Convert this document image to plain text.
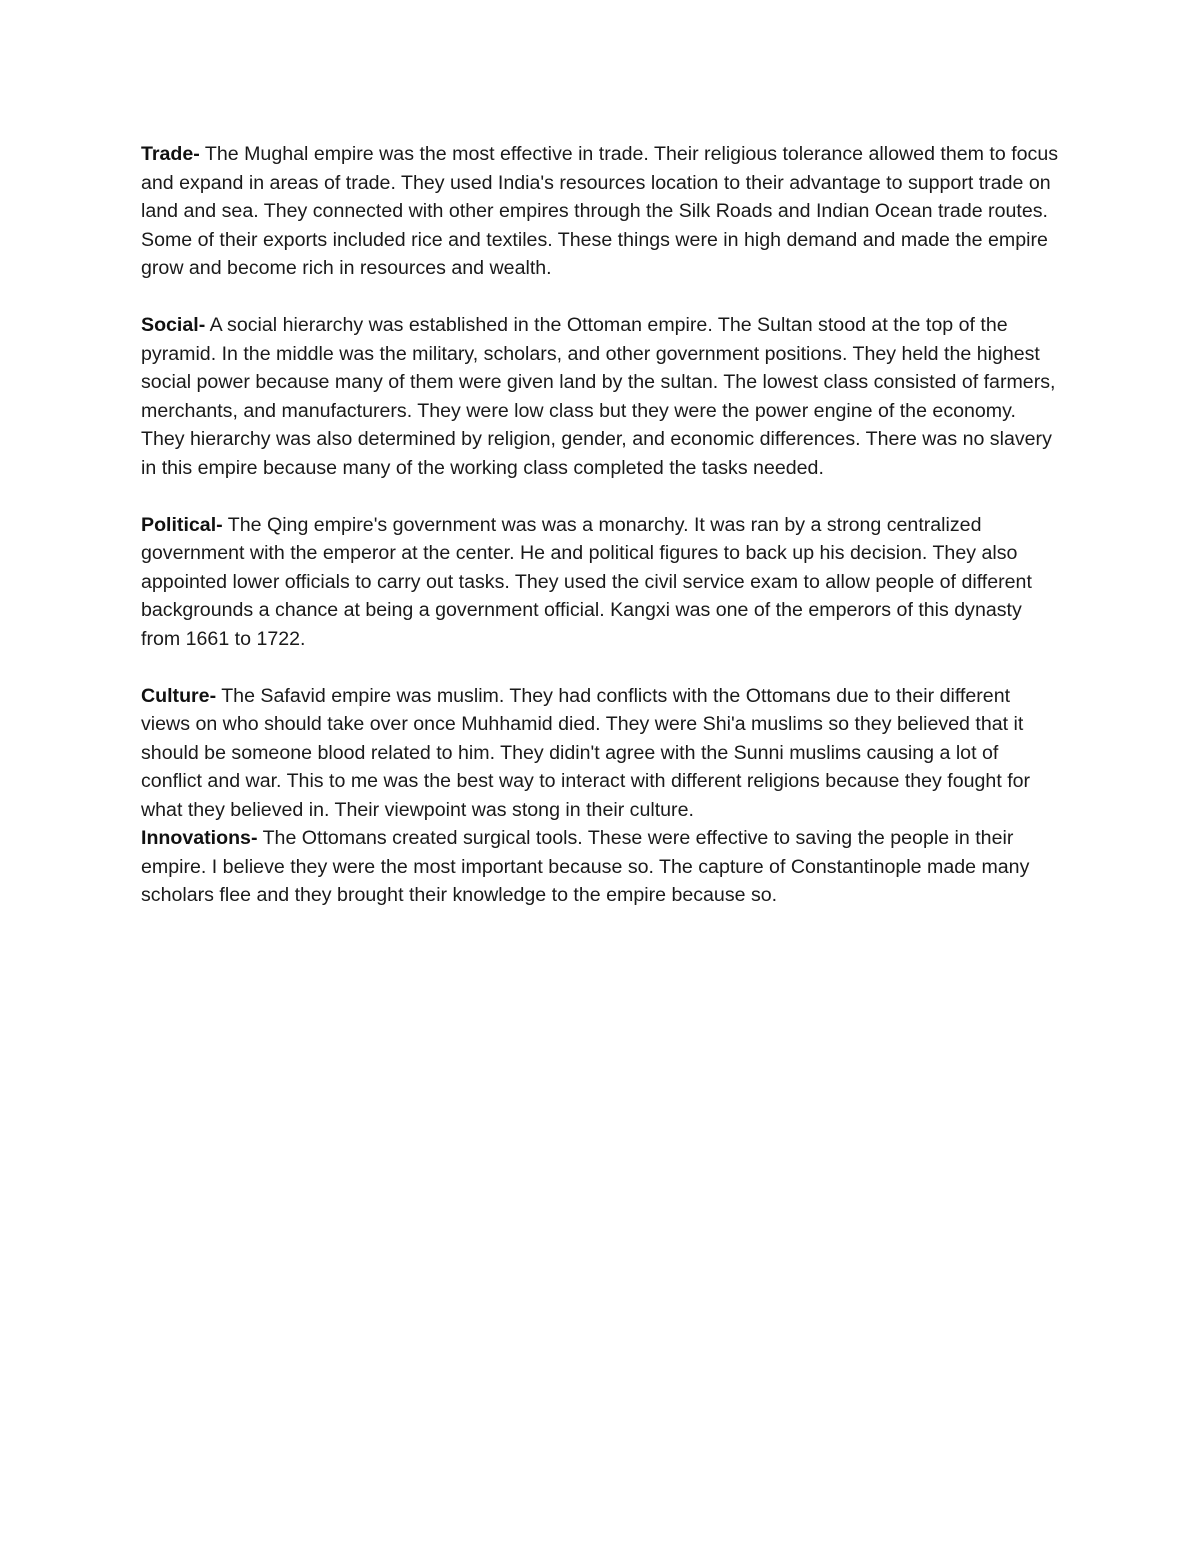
Trade- The Mughal empire was the most effective in trade. Their religious tolerance allowed them to focus and expand in areas of trade. They used India's resources location to their advantage to support trade on land and sea. They connected with other empires through the Silk Roads and Indian Ocean trade routes. Some of their exports included rice and textiles. These things were in high demand and made the empire grow and become rich in resources and wealth.

Social- A social hierarchy was established in the Ottoman empire. The Sultan stood at the top of the pyramid. In the middle was the military, scholars, and other government positions. They held the highest social power because many of them were given land by the sultan. The lowest class consisted of farmers, merchants, and manufacturers. They were low class but they were the power engine of the economy. They hierarchy was also determined by religion, gender, and economic differences. There was no slavery in this empire because many of the working class completed the tasks needed.

Political- The Qing empire's government was was a monarchy. It was ran by a strong centralized government with the emperor at the center. He and political figures to back up his decision. They also appointed lower officials to carry out tasks. They used the civil service exam to allow people of different backgrounds a chance at being a government official. Kangxi was one of the emperors of this dynasty from 1661 to 1722.

Culture- The Safavid empire was muslim. They had conflicts with the Ottomans due to their different views on who should take over once Muhhamid died. They were Shi'a muslims so they believed that it should be someone blood related to him. They didin't agree with the Sunni muslims causing a lot of conflict and war. This to me was the best way to interact with different religions because they fought for what they believed in. Their viewpoint was stong in their culture.

Innovations- The Ottomans created surgical tools. These were effective to saving the people in their empire. I believe they were the most important because so. The capture of Constantinople made many scholars flee and they brought their knowledge to the empire because so.
